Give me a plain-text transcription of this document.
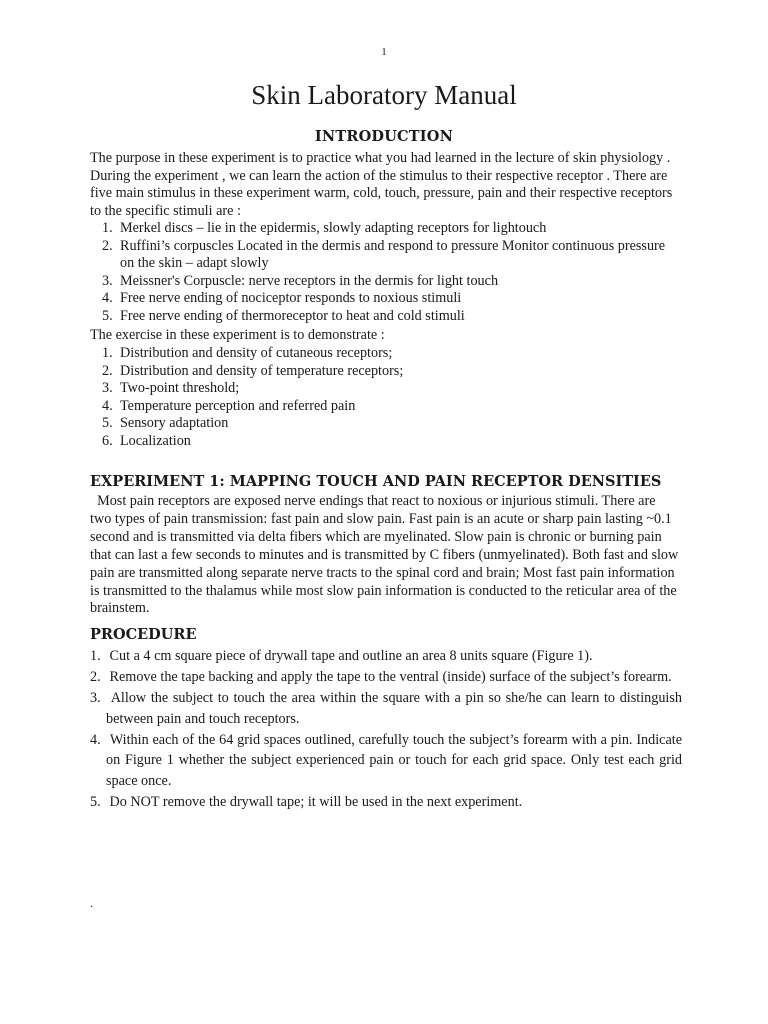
1
Skin Laboratory Manual
INTRODUCTION

The purpose in these experiment is to practice what you had learned in the lecture of skin physiology . During the experiment , we can learn the action of the stimulus to their respective receptor . There are five main stimulus in these experiment warm, cold, touch, pressure, pain and their respective receptors to the specific stimuli are :

1. Merkel discs – lie in the epidermis, slowly adapting receptors for lightouch
2. Ruffini’s corpuscles Located in the dermis and respond to pressure Monitor continuous pressure on the skin – adapt slowly
3. Meissner's Corpuscle: nerve receptors in the dermis for light touch
4. Free nerve ending of nociceptor responds to noxious stimuli
5. Free nerve ending of thermoreceptor to heat and cold stimuli

The exercise in these experiment is to demonstrate :

1. Distribution and density of cutaneous receptors;
2. Distribution and density of temperature receptors;
3. Two-point threshold;
4. Temperature perception and referred pain
5. Sensory adaptation
6. Localization
EXPERIMENT 1: MAPPING TOUCH AND PAIN RECEPTOR DENSITIES

Most pain receptors are exposed nerve endings that react to noxious or injurious stimuli. There are two types of pain transmission: fast pain and slow pain. Fast pain is an acute or sharp pain lasting ~0.1 second and is transmitted via delta fibers which are myelinated. Slow pain is chronic or burning pain that can last a few seconds to minutes and is transmitted by C fibers (unmyelinated). Both fast and slow pain are transmitted along separate nerve tracts to the spinal cord and brain; Most fast pain information is transmitted to the thalamus while most slow pain information is conducted to the reticular area of the brainstem.

PROCEDURE
1. Cut a 4 cm square piece of drywall tape and outline an area 8 units square (Figure 1).
2. Remove the tape backing and apply the tape to the ventral (inside) surface of the subject’s forearm.
3. Allow the subject to touch the area within the square with a pin so she/he can learn to distinguish between pain and touch receptors.
4. Within each of the 64 grid spaces outlined, carefully touch the subject’s forearm with a pin. Indicate on Figure 1 whether the subject experienced pain or touch for each grid space. Only test each grid space once.
5. Do NOT remove the drywall tape; it will be used in the next experiment.
.
